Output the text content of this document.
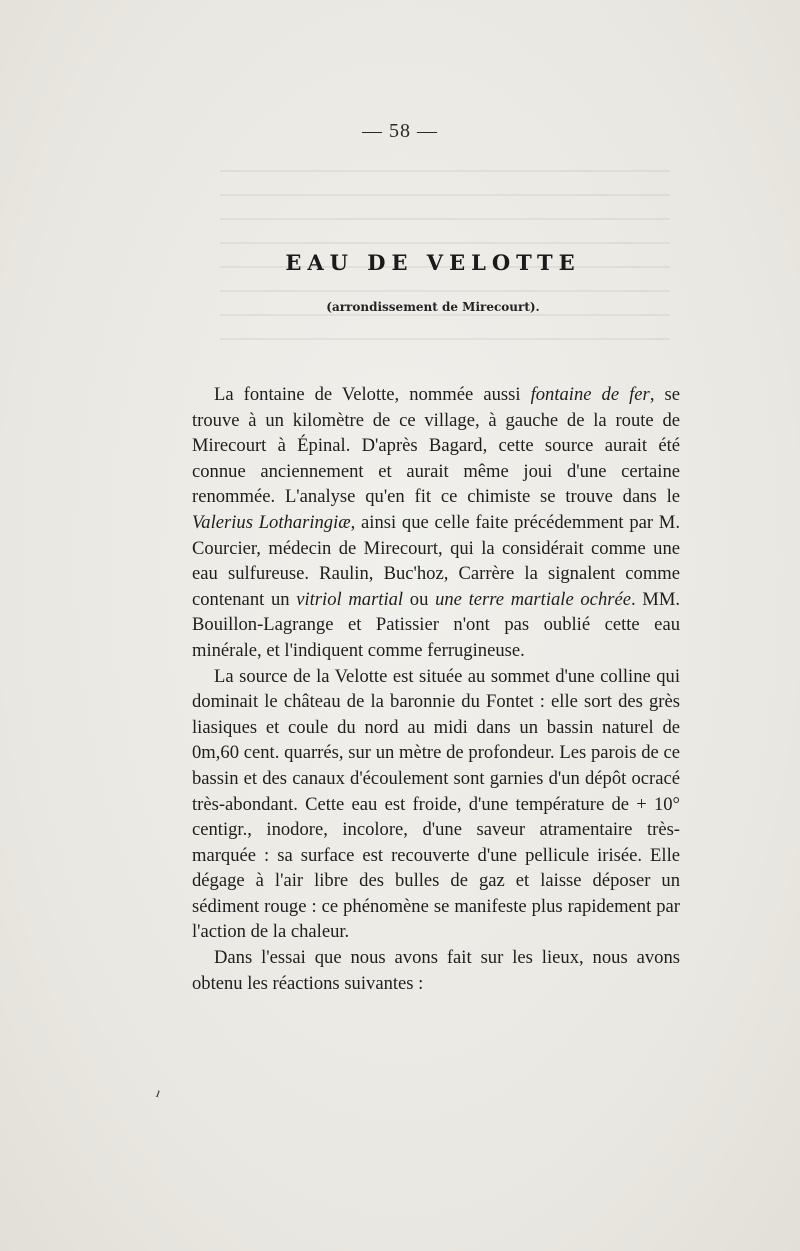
— 58 —
EAU DE VELOTTE
(arrondissement de Mirecourt).

La fontaine de Velotte, nommée aussi fontaine de fer, se trouve à un kilomètre de ce village, à gauche de la route de Mirecourt à Épinal. D'après Bagard, cette source aurait été connue anciennement et aurait même joui d'une certaine renommée. L'analyse qu'en fit ce chimiste se trouve dans le Valerius Lotharingiæ, ainsi que celle faite précédemment par M. Courcier, médecin de Mirecourt, qui la considérait comme une eau sulfureuse. Raulin, Buc'hoz, Carrère la signalent comme contenant un vitriol martial ou une terre martiale ochrée. MM. Bouillon-Lagrange et Patissier n'ont pas oublié cette eau minérale, et l'indiquent comme ferrugineuse.

La source de la Velotte est située au sommet d'une colline qui dominait le château de la baronnie du Fontet : elle sort des grès liasiques et coule du nord au midi dans un bassin naturel de 0m,60 cent. quarrés, sur un mètre de profondeur. Les parois de ce bassin et des canaux d'écoulement sont garnies d'un dépôt ocracé très-abondant. Cette eau est froide, d'une température de + 10° centigr., inodore, incolore, d'une saveur atramentaire très-marquée : sa surface est recouverte d'une pellicule irisée. Elle dégage à l'air libre des bulles de gaz et laisse déposer un sédiment rouge : ce phénomène se manifeste plus rapidement par l'action de la chaleur.

Dans l'essai que nous avons fait sur les lieux, nous avons obtenu les réactions suivantes :

ı
